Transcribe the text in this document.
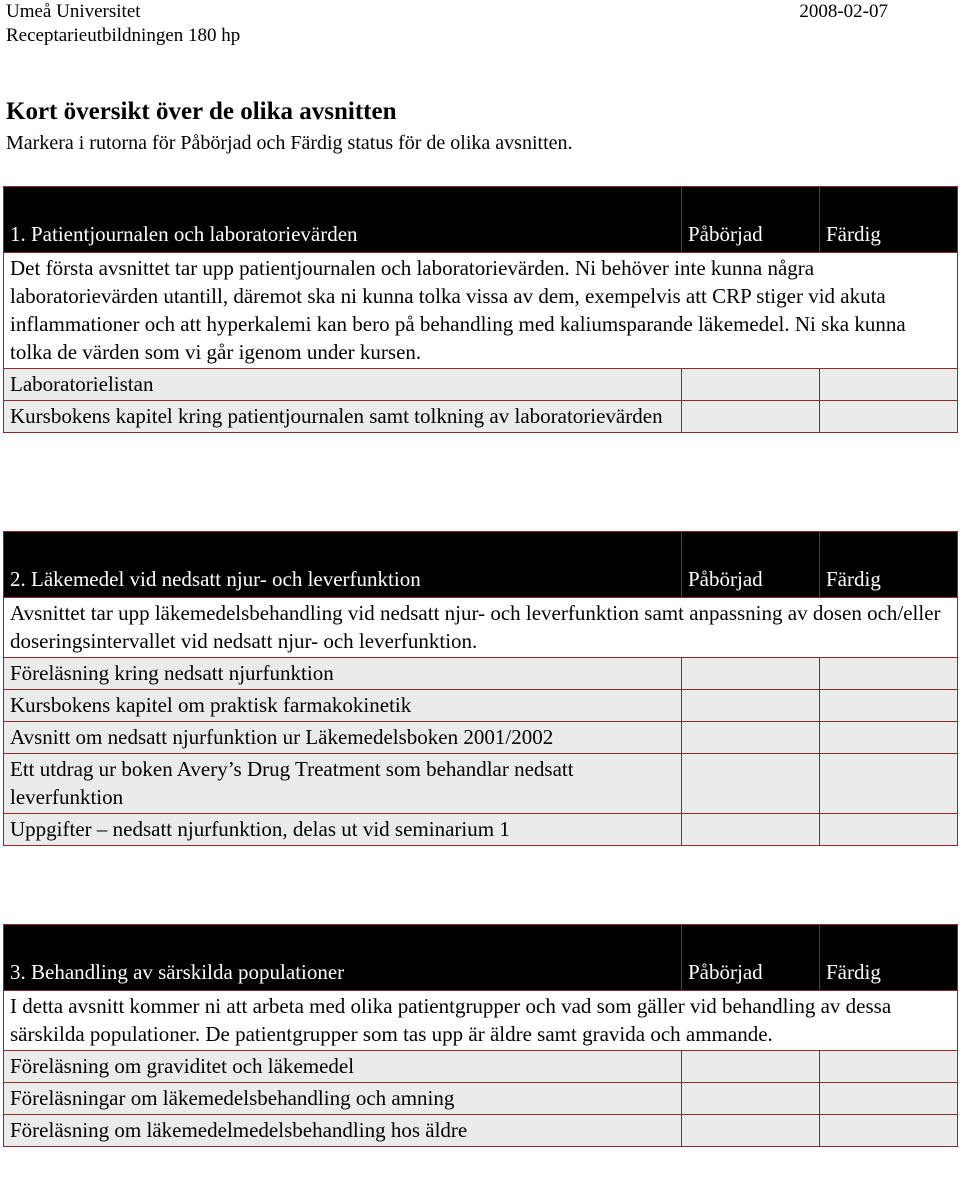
Umeå Universitet
Receptarieutbildningen 180 hp
2008-02-07
Kort översikt över de olika avsnitten
Markera i rutorna för Påbörjad och Färdig status för de olika avsnitten.
1. Patientjournalen och laboratorievärden	Påbörjad	Färdig
Det första avsnittet tar upp patientjournalen och laboratorievärden. Ni behöver inte kunna några laboratorievärden utantill, däremot ska ni kunna tolka vissa av dem, exempelvis att CRP stiger vid akuta inflammationer och att hyperkalemi kan bero på behandling med kaliumsparande läkemedel. Ni ska kunna tolka de värden som vi går igenom under kursen.		
Laboratorielistan		
Kursbokens kapitel kring patientjournalen samt tolkning av laboratorievärden		
2. Läkemedel vid nedsatt njur- och leverfunktion	Påbörjad	Färdig
Avsnittet tar upp läkemedelsbehandling vid nedsatt njur- och leverfunktion samt anpassning av dosen och/eller doseringsintervallet vid nedsatt njur- och leverfunktion.		
Föreläsning kring nedsatt njurfunktion		
Kursbokens kapitel om praktisk farmakokinetik		
Avsnitt om nedsatt njurfunktion ur Läkemedelsboken 2001/2002		
Ett utdrag ur boken Avery’s Drug Treatment som behandlar nedsatt leverfunktion		
Uppgifter – nedsatt njurfunktion, delas ut vid seminarium 1		
3. Behandling av särskilda populationer	Påbörjad	Färdig
I detta avsnitt kommer ni att arbeta med olika patientgrupper och vad som gäller vid behandling av dessa särskilda populationer. De patientgrupper som tas upp är äldre samt gravida och ammande.		
Föreläsning om graviditet och läkemedel		
Föreläsningar om läkemedelsbehandling och amning		
Föreläsning om läkemedelmedelsbehandling hos äldre		
